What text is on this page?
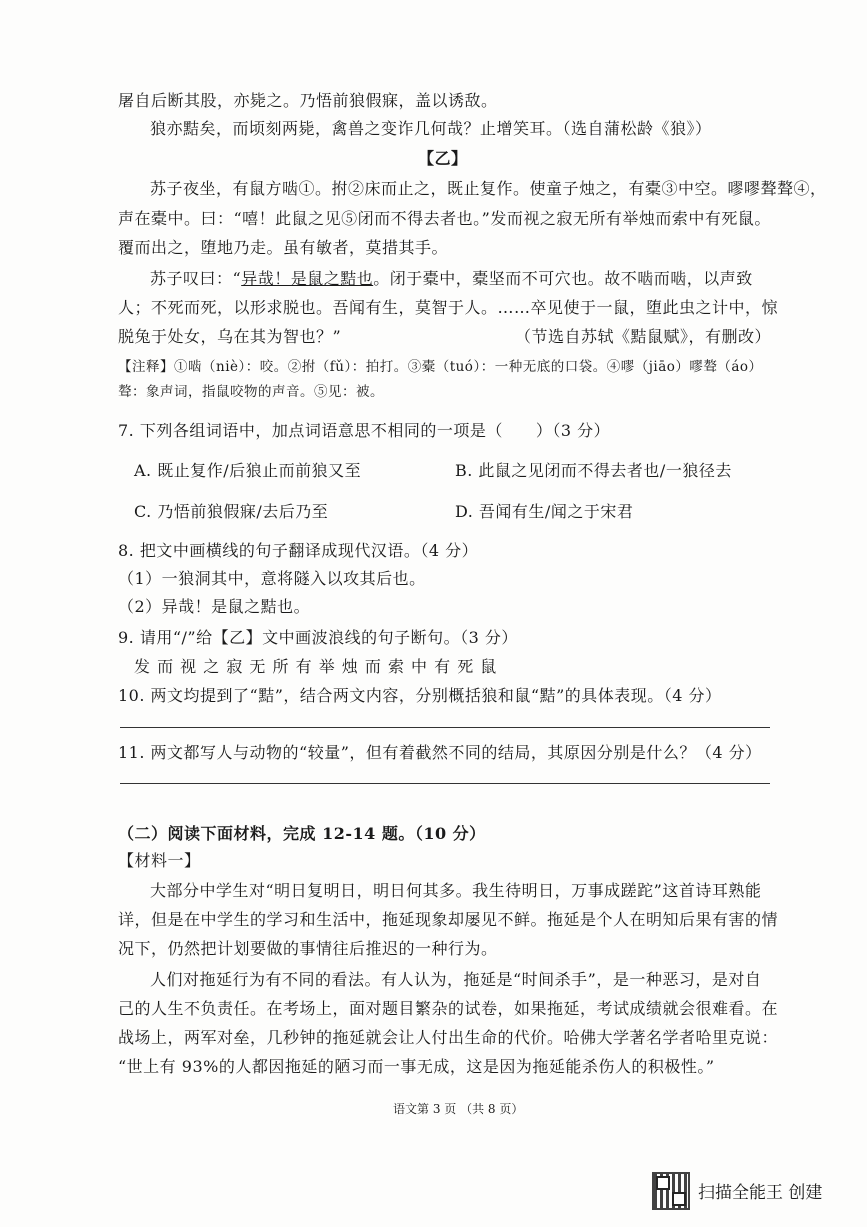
屠自后断其股，亦毙之。乃悟前狼假寐，盖以诱敌。
狼亦黠矣，而顷刻两毙，禽兽之变诈几何哉？止增笑耳。（选自蒲松龄《狼》）
【乙】
苏子夜坐，有鼠方啮①。拊②床而止之，既止复作。使童子烛之，有橐③中空。嘐嘐聱聱④，
声在橐中。曰：“嘻！此鼠之见⑤闭而不得去者也。”发而视之寂无所有举烛而索中有死鼠。
覆而出之，堕地乃走。虽有敏者，莫措其手。
苏子叹曰：“异哉！是鼠之黠也。闭于橐中，橐坚而不可穴也。故不啮而啮，以声致
人；不死而死，以形求脱也。吾闻有生，莫智于人。……卒见使于一鼠，堕此虫之计中，惊
脱兔于处女，乌在其为智也？”	（节选自苏轼《黠鼠赋》，有删改）
【注释】①啮（niè）：咬。②拊（fǔ）：拍打。③橐（tuó）：一种无底的口袋。④嘐（jiāo）嘐聱（áo）
聱：象声词，指鼠咬物的声音。⑤见：被。
7. 下列各组词语中，加点词语意思不相同的一项是（　　）（3 分）
A. 既止复作/后狼止而前狼又至	B. 此鼠之见闭而不得去者也/一狼径去
C. 乃悟前狼假寐/去后乃至	D. 吾闻有生/闻之于宋君
8. 把文中画横线的句子翻译成现代汉语。（4 分）
（1）一狼洞其中，意将隧入以攻其后也。
（2）异哉！是鼠之黠也。
9. 请用“/”给【乙】文中画波浪线的句子断句。（3 分）
发 而 视 之 寂 无 所 有 举 烛 而 索 中 有 死 鼠
10. 两文均提到了“黠”，结合两文内容，分别概括狼和鼠“黠”的具体表现。（4 分）
11. 两文都写人与动物的“较量”，但有着截然不同的结局，其原因分别是什么？（4 分）
（二）阅读下面材料，完成 12-14 题。（10 分）
【材料一】
大部分中学生对“明日复明日，明日何其多。我生待明日，万事成蹉跎”这首诗耳熟能
详，但是在中学生的学习和生活中，拖延现象却屡见不鲜。拖延是个人在明知后果有害的情
况下，仍然把计划要做的事情往后推迟的一种行为。
人们对拖延行为有不同的看法。有人认为，拖延是“时间杀手”，是一种恶习，是对自
己的人生不负责任。在考场上，面对题目繁杂的试卷，如果拖延，考试成绩就会很难看。在
战场上，两军对垒，几秒钟的拖延就会让人付出生命的代价。哈佛大学著名学者哈里克说：
“世上有 93%的人都因拖延的陋习而一事无成，这是因为拖延能杀伤人的积极性。”
语文第 3 页 （共 8 页）
扫描全能王 创建
